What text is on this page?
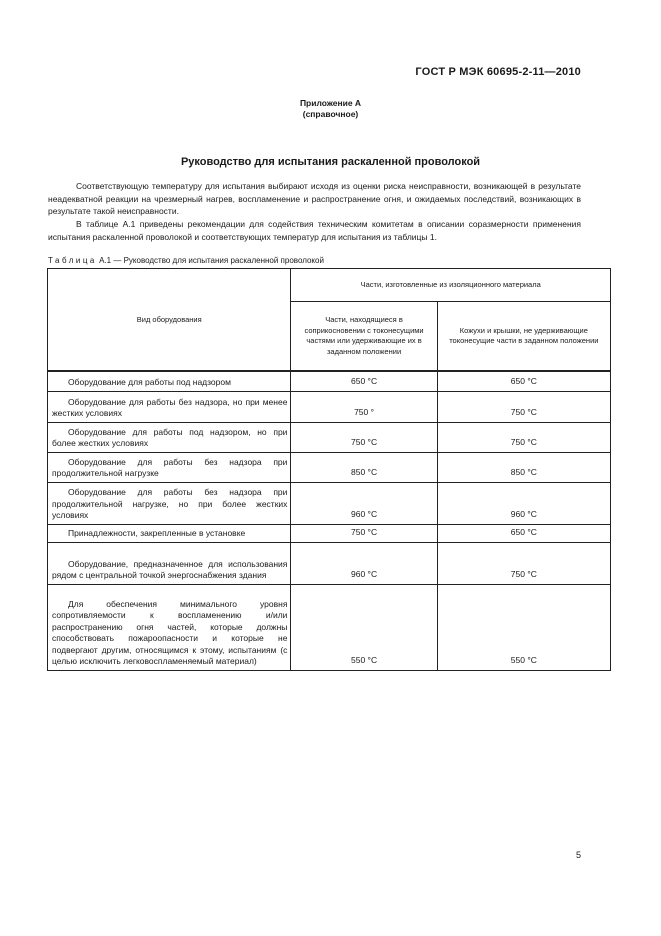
ГОСТ Р МЭК 60695-2-11—2010
Приложение А
(справочное)
Руководство для испытания раскаленной проволокой
Соответствующую температуру для испытания выбирают исходя из оценки риска неисправности, возникающей в результате неадекватной реакции на чрезмерный нагрев, воспламенение и распространение огня, и ожидаемых последствий, возникающих в результате такой неисправности.
В таблице А.1 приведены рекомендации для содействия техническим комитетам в описании соразмерности применения испытания раскаленной проволокой и соответствующих температур для испытания из таблицы 1.
Таблица А.1 — Руководство для испытания раскаленной проволокой
Вид оборудования	Части, изготовленные из изоляционного материала	
	Части, находящиеся в соприкосновении с токонесущими частями или удерживающие их в заданном положении	Кожухи и крышки, не удерживающие токонесущие части в заданном положении

Оборудование для работы под надзором	650 °С	650 °С

Оборудование для работы без надзора, но при менее жестких условиях	750 °	750 °С

Оборудование для работы под надзором, но при более жестких условиях	750 °С	750 °С

Оборудование для работы без надзора при продолжительной нагрузке	850 °С	850 °С

Оборудование для работы без надзора при продолжительной нагрузке, но при более жестких условиях	960 °С	960 °С

Принадлежности, закрепленные в установке	750 °С	650 °С

Оборудование, предназначенное для использования рядом с центральной точкой энергоснабжения здания	960 °С	750 °С

Для обеспечения минимального уровня сопротивляемости к воспламенению и/или распространению огня частей, которые должны способствовать пожароопасности и которые не подвергают другим, относящимся к этому, испытаниям (с целью исключить легковоспламеняемый материал)	550 °С	550 °С
5
